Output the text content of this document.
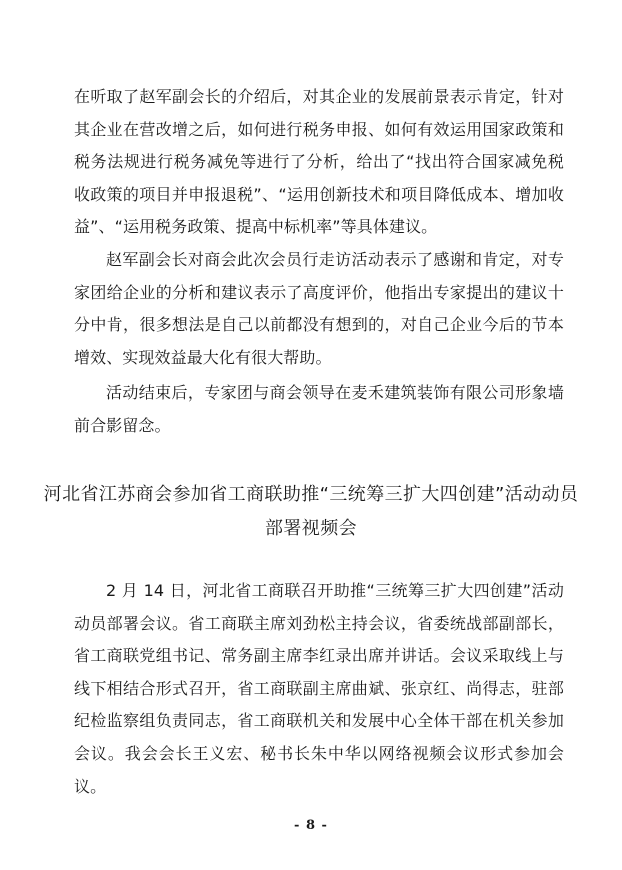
在听取了赵军副会长的介绍后，对其企业的发展前景表示肯定，针对其企业在营改增之后，如何进行税务申报、如何有效运用国家政策和税务法规进行税务减免等进行了分析，给出了“找出符合国家减免税收政策的项目并申报退税”、“运用创新技术和项目降低成本、增加收益”、“运用税务政策、提高中标机率”等具体建议。

赵军副会长对商会此次会员行走访活动表示了感谢和肯定，对专家团给企业的分析和建议表示了高度评价，他指出专家提出的建议十分中肯，很多想法是自己以前都没有想到的，对自己企业今后的节本增效、实现效益最大化有很大帮助。

活动结束后，专家团与商会领导在麦禾建筑装饰有限公司形象墙前合影留念。

河北省江苏商会参加省工商联助推“三统筹三扩大四创建”活动动员部署视频会

2 月 14 日，河北省工商联召开助推“三统筹三扩大四创建”活动动员部署会议。省工商联主席刘劲松主持会议，省委统战部副部长，省工商联党组书记、常务副主席李红录出席并讲话。会议采取线上与线下相结合形式召开，省工商联副主席曲斌、张京红、尚得志，驻部纪检监察组负责同志，省工商联机关和发展中心全体干部在机关参加会议。我会会长王义宏、秘书长朱中华以网络视频会议形式参加会议。

- 8 -
